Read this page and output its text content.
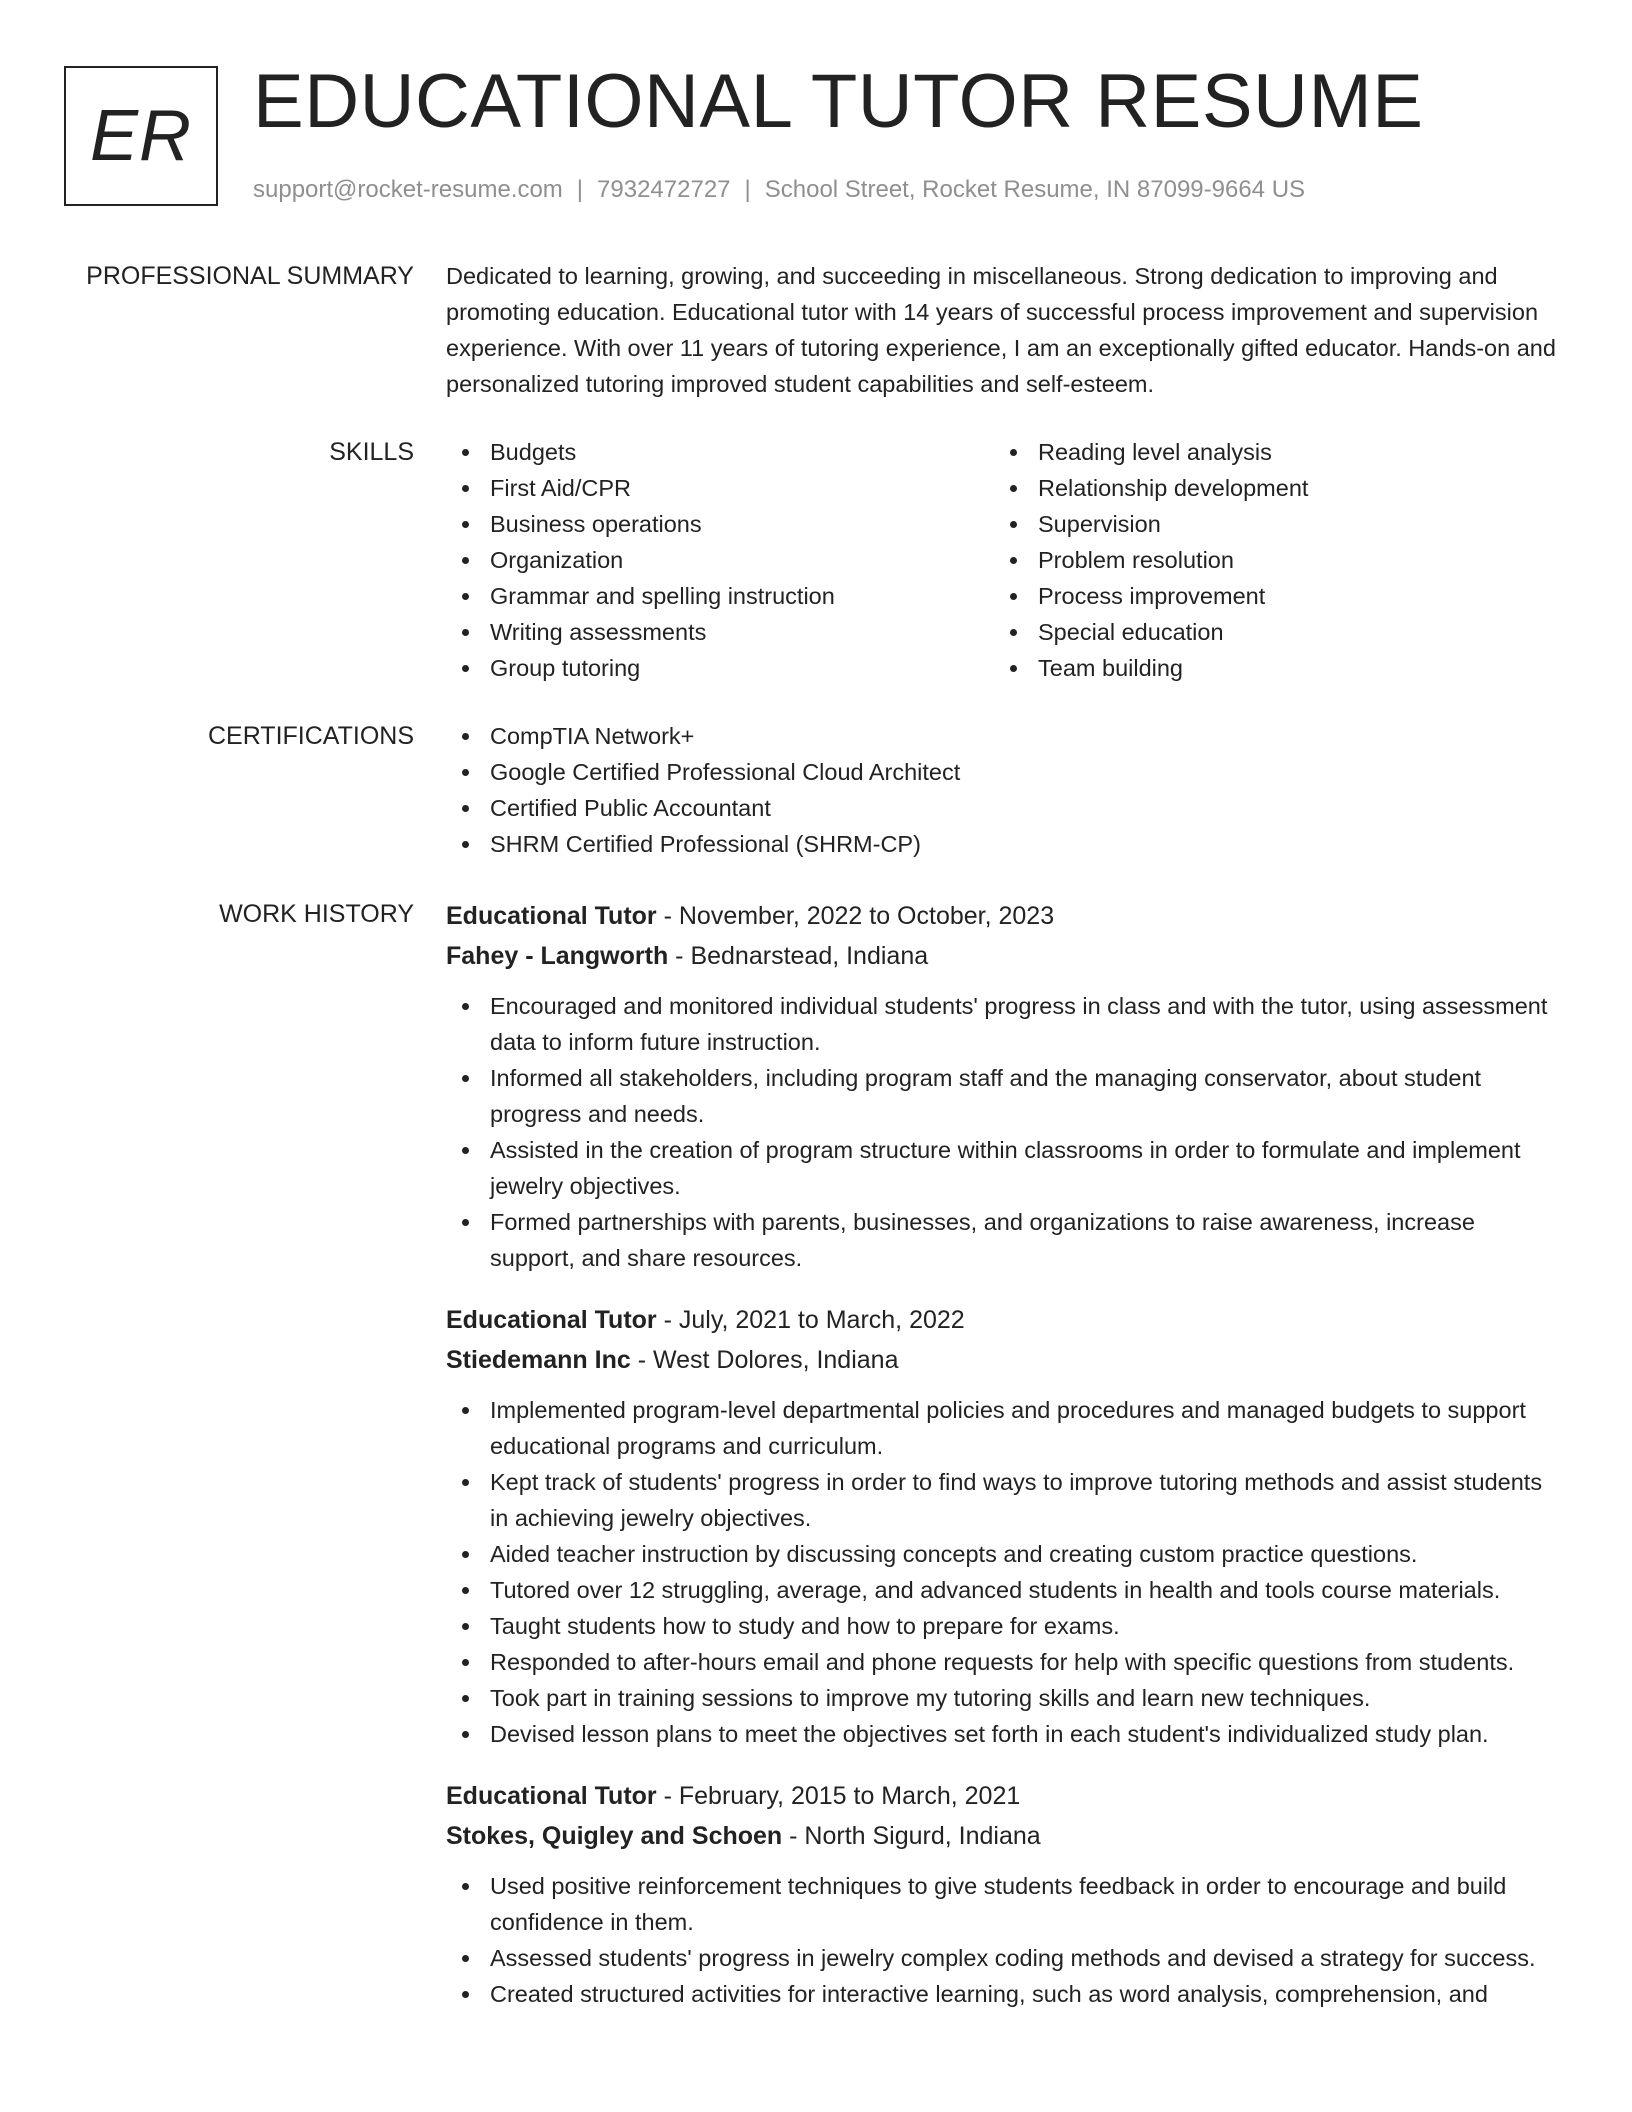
ER EDUCATIONAL TUTOR RESUME
support@rocket-resume.com | 7932472727 | School Street, Rocket Resume, IN 87099-9664 US
PROFESSIONAL SUMMARY Dedicated to learning, growing, and succeeding in miscellaneous. Strong dedication to improving and promoting education. Educational tutor with 14 years of successful process improvement and supervision experience. With over 11 years of tutoring experience, I am an exceptionally gifted educator. Hands-on and personalized tutoring improved student capabilities and self-esteem.

SKILLS	Budgets
First Aid/CPR
Business operations
Organization
Grammar and spelling instruction
Writing assessments
Group tutoring
Reading level analysis
Relationship development
Supervision
Problem resolution
Process improvement
Special education
Team building
CERTIFICATIONS	CompTIA Network+
Google Certified Professional Cloud Architect
Certified Public Accountant
SHRM Certified Professional (SHRM-CP)
WORK HISTORY Educational Tutor - November, 2022 to October, 2023
Fahey - Langworth - Bednarstead, Indiana
Encouraged and monitored individual students' progress in class and with the tutor, using assessment data to inform future instruction.
Informed all stakeholders, including program staff and the managing conservator, about student progress and needs.
Assisted in the creation of program structure within classrooms in order to formulate and implement jewelry objectives.
Formed partnerships with parents, businesses, and organizations to raise awareness, increase support, and share resources.
Educational Tutor - July, 2021 to March, 2022
Stiedemann Inc - West Dolores, Indiana
Implemented program-level departmental policies and procedures and managed budgets to support educational programs and curriculum.
Kept track of students' progress in order to find ways to improve tutoring methods and assist students in achieving jewelry objectives.
Aided teacher instruction by discussing concepts and creating custom practice questions.
Tutored over 12 struggling, average, and advanced students in health and tools course materials.
Taught students how to study and how to prepare for exams.
Responded to after-hours email and phone requests for help with specific questions from students.
Took part in training sessions to improve my tutoring skills and learn new techniques.
Devised lesson plans to meet the objectives set forth in each student's individualized study plan.
Educational Tutor - February, 2015 to March, 2021
Stokes, Quigley and Schoen - North Sigurd, Indiana
Used positive reinforcement techniques to give students feedback in order to encourage and build confidence in them.
Assessed students' progress in jewelry complex coding methods and devised a strategy for success.
Created structured activities for interactive learning, such as word analysis, comprehension, and
